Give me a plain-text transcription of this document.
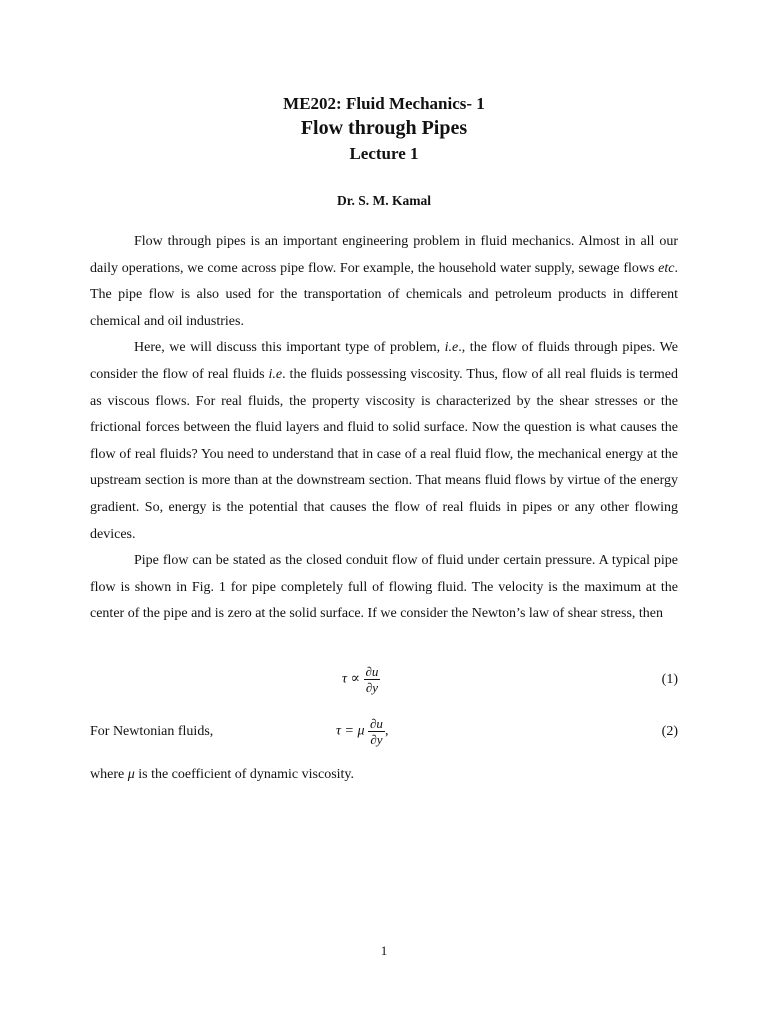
ME202: Fluid Mechanics- 1
Flow through Pipes
Lecture 1
Dr. S. M. Kamal

Flow through pipes is an important engineering problem in fluid mechanics. Almost in all our daily operations, we come across pipe flow. For example, the household water supply, sewage flows etc. The pipe flow is also used for the transportation of chemicals and petroleum products in different chemical and oil industries.

Here, we will discuss this important type of problem, i.e., the flow of fluids through pipes. We consider the flow of real fluids i.e. the fluids possessing viscosity. Thus, flow of all real fluids is termed as viscous flows. For real fluids, the property viscosity is characterized by the shear stresses or the frictional forces between the fluid layers and fluid to solid surface. Now the question is what causes the flow of real fluids? You need to understand that in case of a real fluid flow, the mechanical energy at the upstream section is more than at the downstream section. That means fluid flows by virtue of the energy gradient. So, energy is the potential that causes the flow of real fluids in pipes or any other flowing devices.

Pipe flow can be stated as the closed conduit flow of fluid under certain pressure. A typical pipe flow is shown in Fig. 1 for pipe completely full of flowing fluid. The velocity is the maximum at the center of the pipe and is zero at the solid surface. If we consider the Newton’s law of shear stress, then

$\tau \propto \frac{\partial u}{\partial y}$	(1)
For Newtonian fluids,	τ = μ $\frac{\partial u}{\partial y}$ ,	(2)
where μ is the coefficient of dynamic viscosity.
1
